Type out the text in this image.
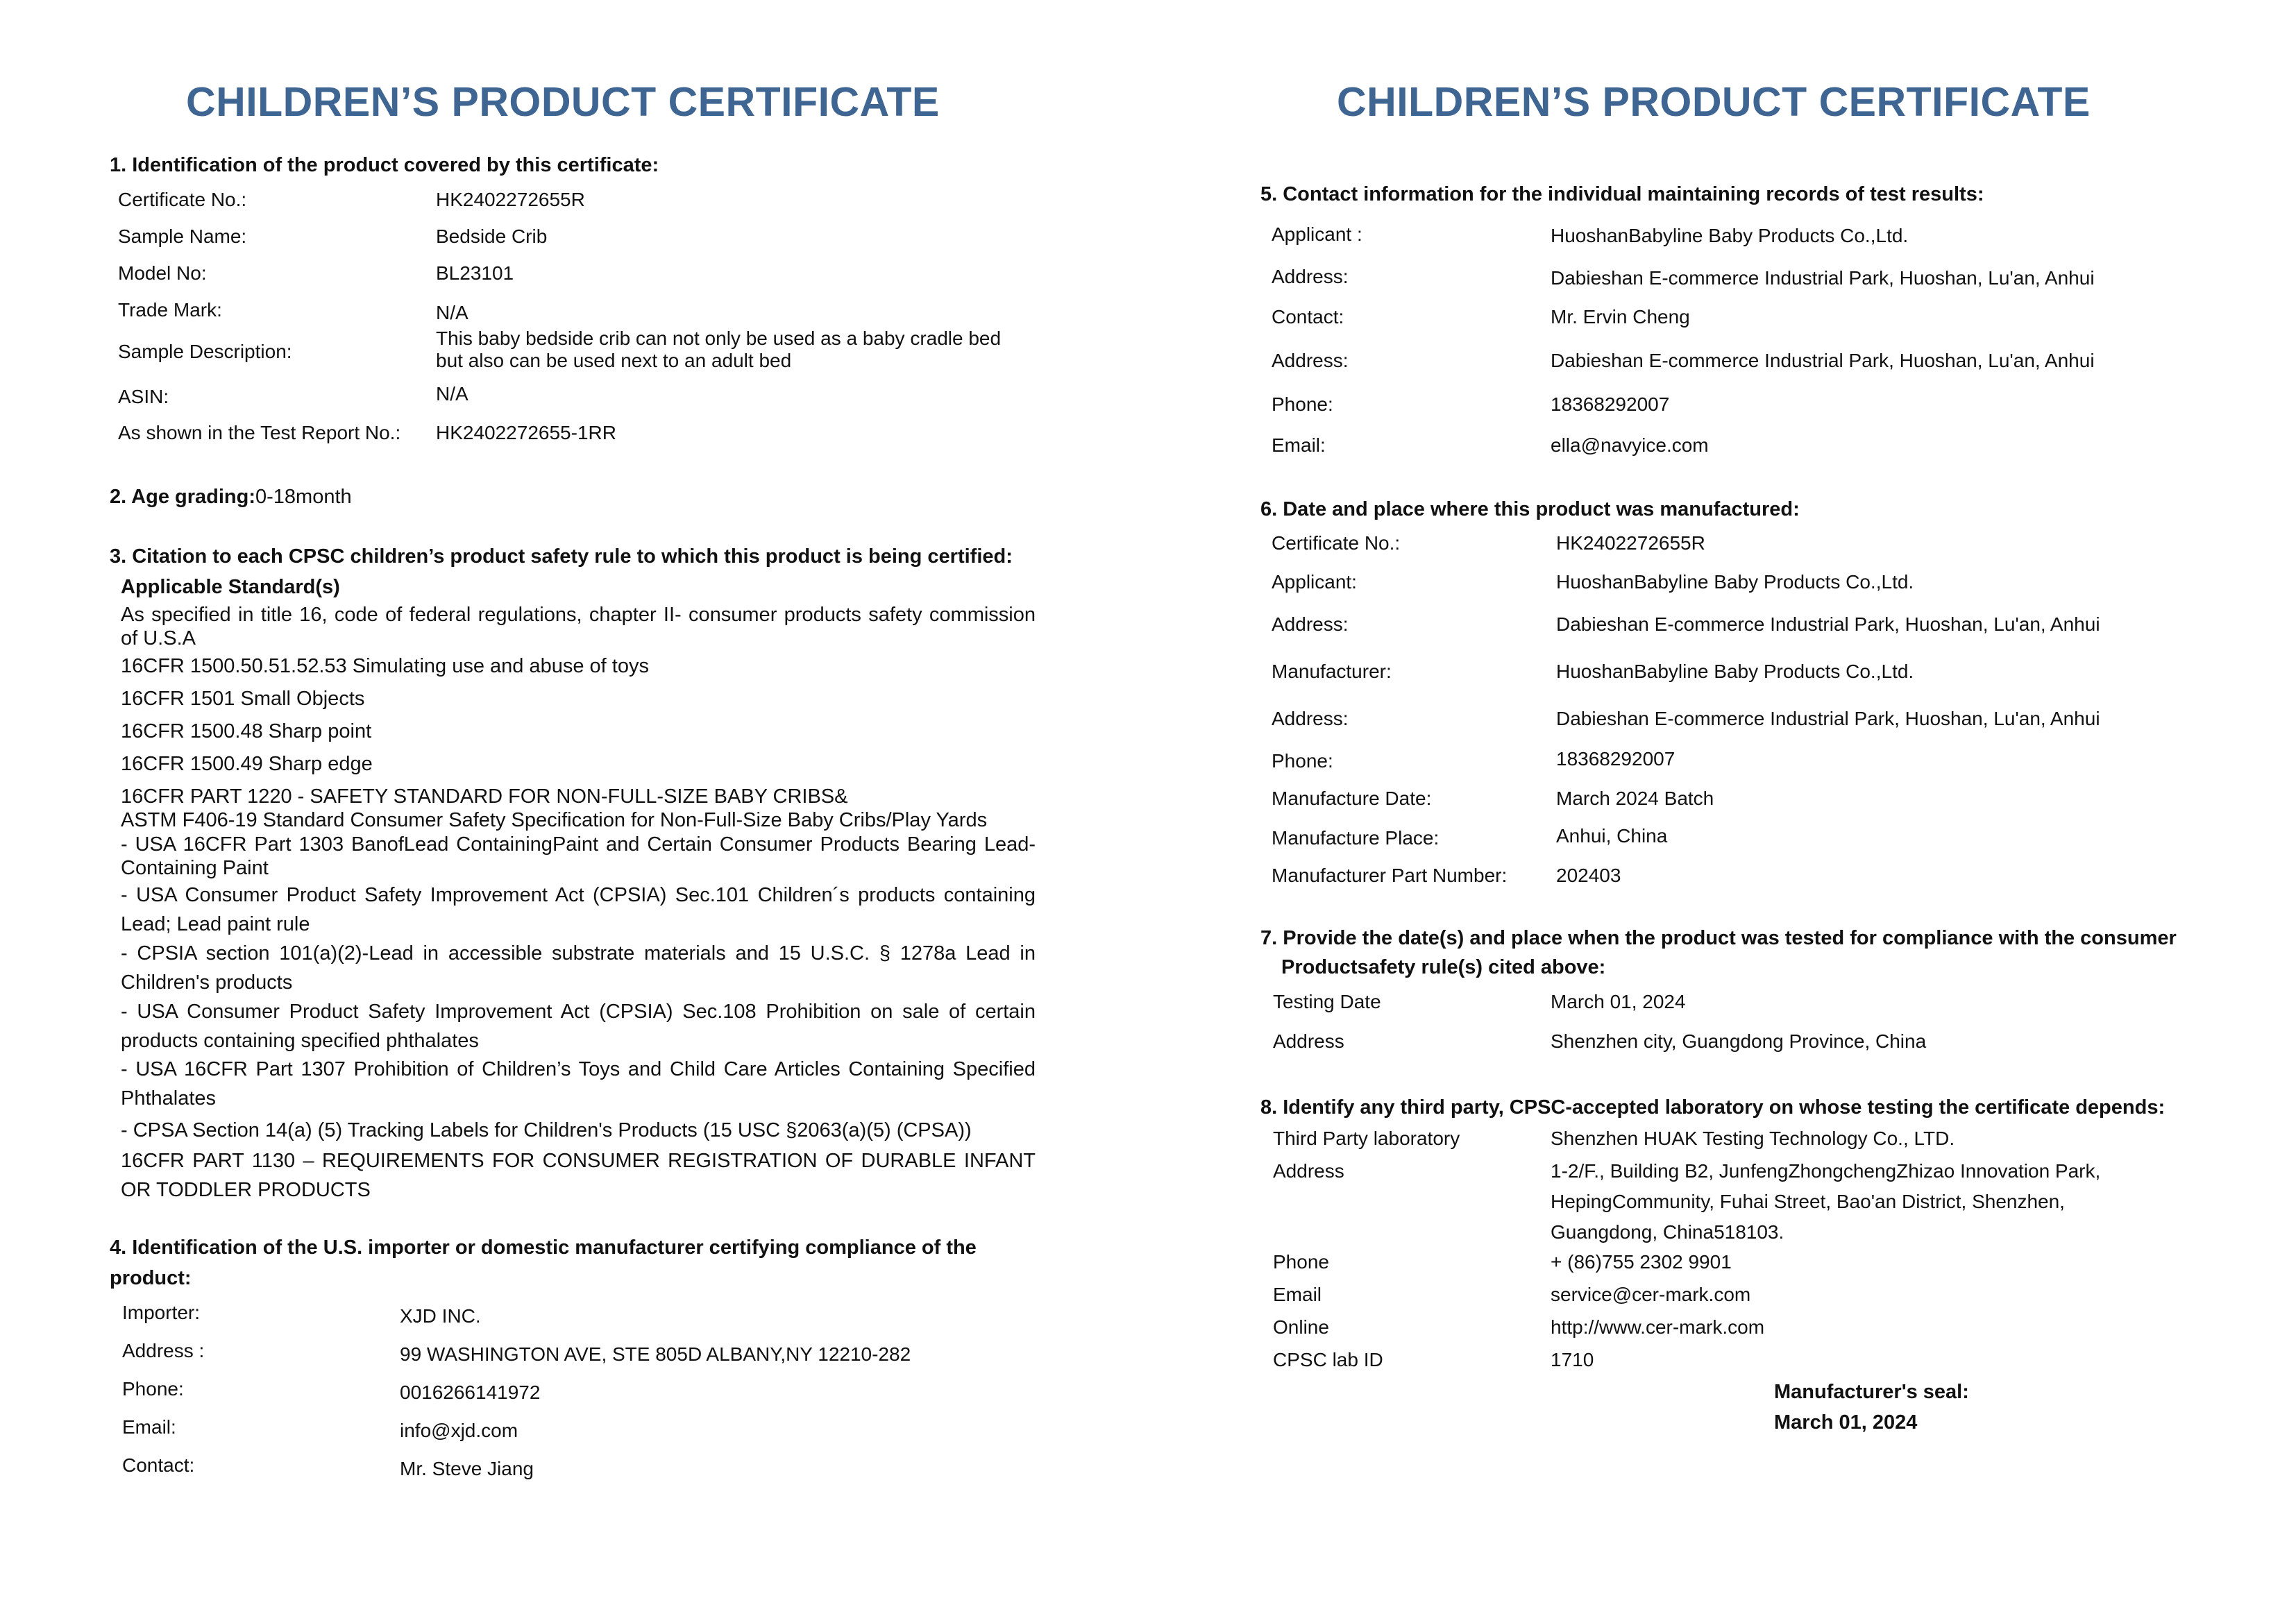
CHILDREN’S PRODUCT CERTIFICATE
1. Identification of the product covered by this certificate:
Certificate No.:	HK2402272655R
Sample Name:	Bedside Crib
Model No:	BL23101
Trade Mark:	N/A
Sample Description:
This baby bedside crib can not only be used as a baby cradle bed
but also can be used next to an adult bed
ASIN:	N/A
As shown in the Test Report No.: HK2402272655-1RR
2. Age grading:0-18month
3. Citation to each CPSC children’s product safety rule to which this product is being certified:
Applicable Standard(s)

As specified in title 16, code of federal regulations, chapter II- consumer products safety commission of U.S.A

16CFR 1500.50.51.52.53 Simulating use and abuse of toys
16CFR 1501 Small Objects
16CFR 1500.48 Sharp point
16CFR 1500.49 Sharp edge
16CFR PART 1220 - SAFETY STANDARD FOR NON-FULL-SIZE BABY CRIBS&
ASTM F406-19 Standard Consumer Safety Specification for Non-Full-Size Baby Cribs/Play Yards

- USA 16CFR Part 1303 BanofLead ContainingPaint and Certain Consumer Products Bearing Lead-Containing Paint

- USA Consumer Product Safety Improvement Act (CPSIA) Sec.101 Children´s products containing Lead; Lead paint rule

- CPSIA section 101(a)(2)-Lead in accessible substrate materials and 15 U.S.C. § 1278a Lead in Children's products

- USA Consumer Product Safety Improvement Act (CPSIA) Sec.108 Prohibition on sale of certain products containing specified phthalates

- USA 16CFR Part 1307 Prohibition of Children’s Toys and Child Care Articles Containing Specified Phthalates

- CPSA Section 14(a) (5) Tracking Labels for Children's Products (15 USC §2063(a)(5) (CPSA))

16CFR PART 1130 – REQUIREMENTS FOR CONSUMER REGISTRATION OF DURABLE INFANT OR TODDLER PRODUCTS

4. Identification of the U.S. importer or domestic manufacturer certifying compliance of the product:

Importer:	XJD INC.
Address :	99 WASHINGTON AVE, STE 805D ALBANY,NY 12210-282
Phone:	0016266141972
Email:	info@xjd.com
Contact:	Mr. Steve Jiang
CHILDREN’S PRODUCT CERTIFICATE
5. Contact information for the individual maintaining records of test results:
Applicant :	HuoshanBabyline Baby Products Co.,Ltd.
Address:	Dabieshan E-commerce Industrial Park, Huoshan, Lu'an, Anhui
Contact:	Mr. Ervin Cheng
Address:	Dabieshan E-commerce Industrial Park, Huoshan, Lu'an, Anhui
Phone:	18368292007
Email:	ella@navyice.com
6. Date and place where this product was manufactured:
Certificate No.:	HK2402272655R
Applicant:	HuoshanBabyline Baby Products Co.,Ltd.
Address:	Dabieshan E-commerce Industrial Park, Huoshan, Lu'an, Anhui
Manufacturer:	HuoshanBabyline Baby Products Co.,Ltd.
Address:	Dabieshan E-commerce Industrial Park, Huoshan, Lu'an, Anhui
Phone:	18368292007
Manufacture Date:	March 2024 Batch
Manufacture Place:	Anhui, China
Manufacturer Part Number:	202403
7. Provide the date(s) and place when the product was tested for compliance with the consumer
Productsafety rule(s) cited above:
Testing Date	March 01, 2024
Address	Shenzhen city, Guangdong Province, China
8. Identify any third party, CPSC-accepted laboratory on whose testing the certificate depends:
Third Party laboratory	Shenzhen HUAK Testing Technology Co., LTD.
Address	1-2/F., Building B2, JunfengZhongchengZhizao Innovation Park,
HepingCommunity, Fuhai Street, Bao'an District, Shenzhen,
Guangdong, China518103.
Phone	+ (86)755 2302 9901
Email	service@cer-mark.com
Online	http://www.cer-mark.com
CPSC lab ID	1710
Manufacturer's seal:
March 01, 2024
